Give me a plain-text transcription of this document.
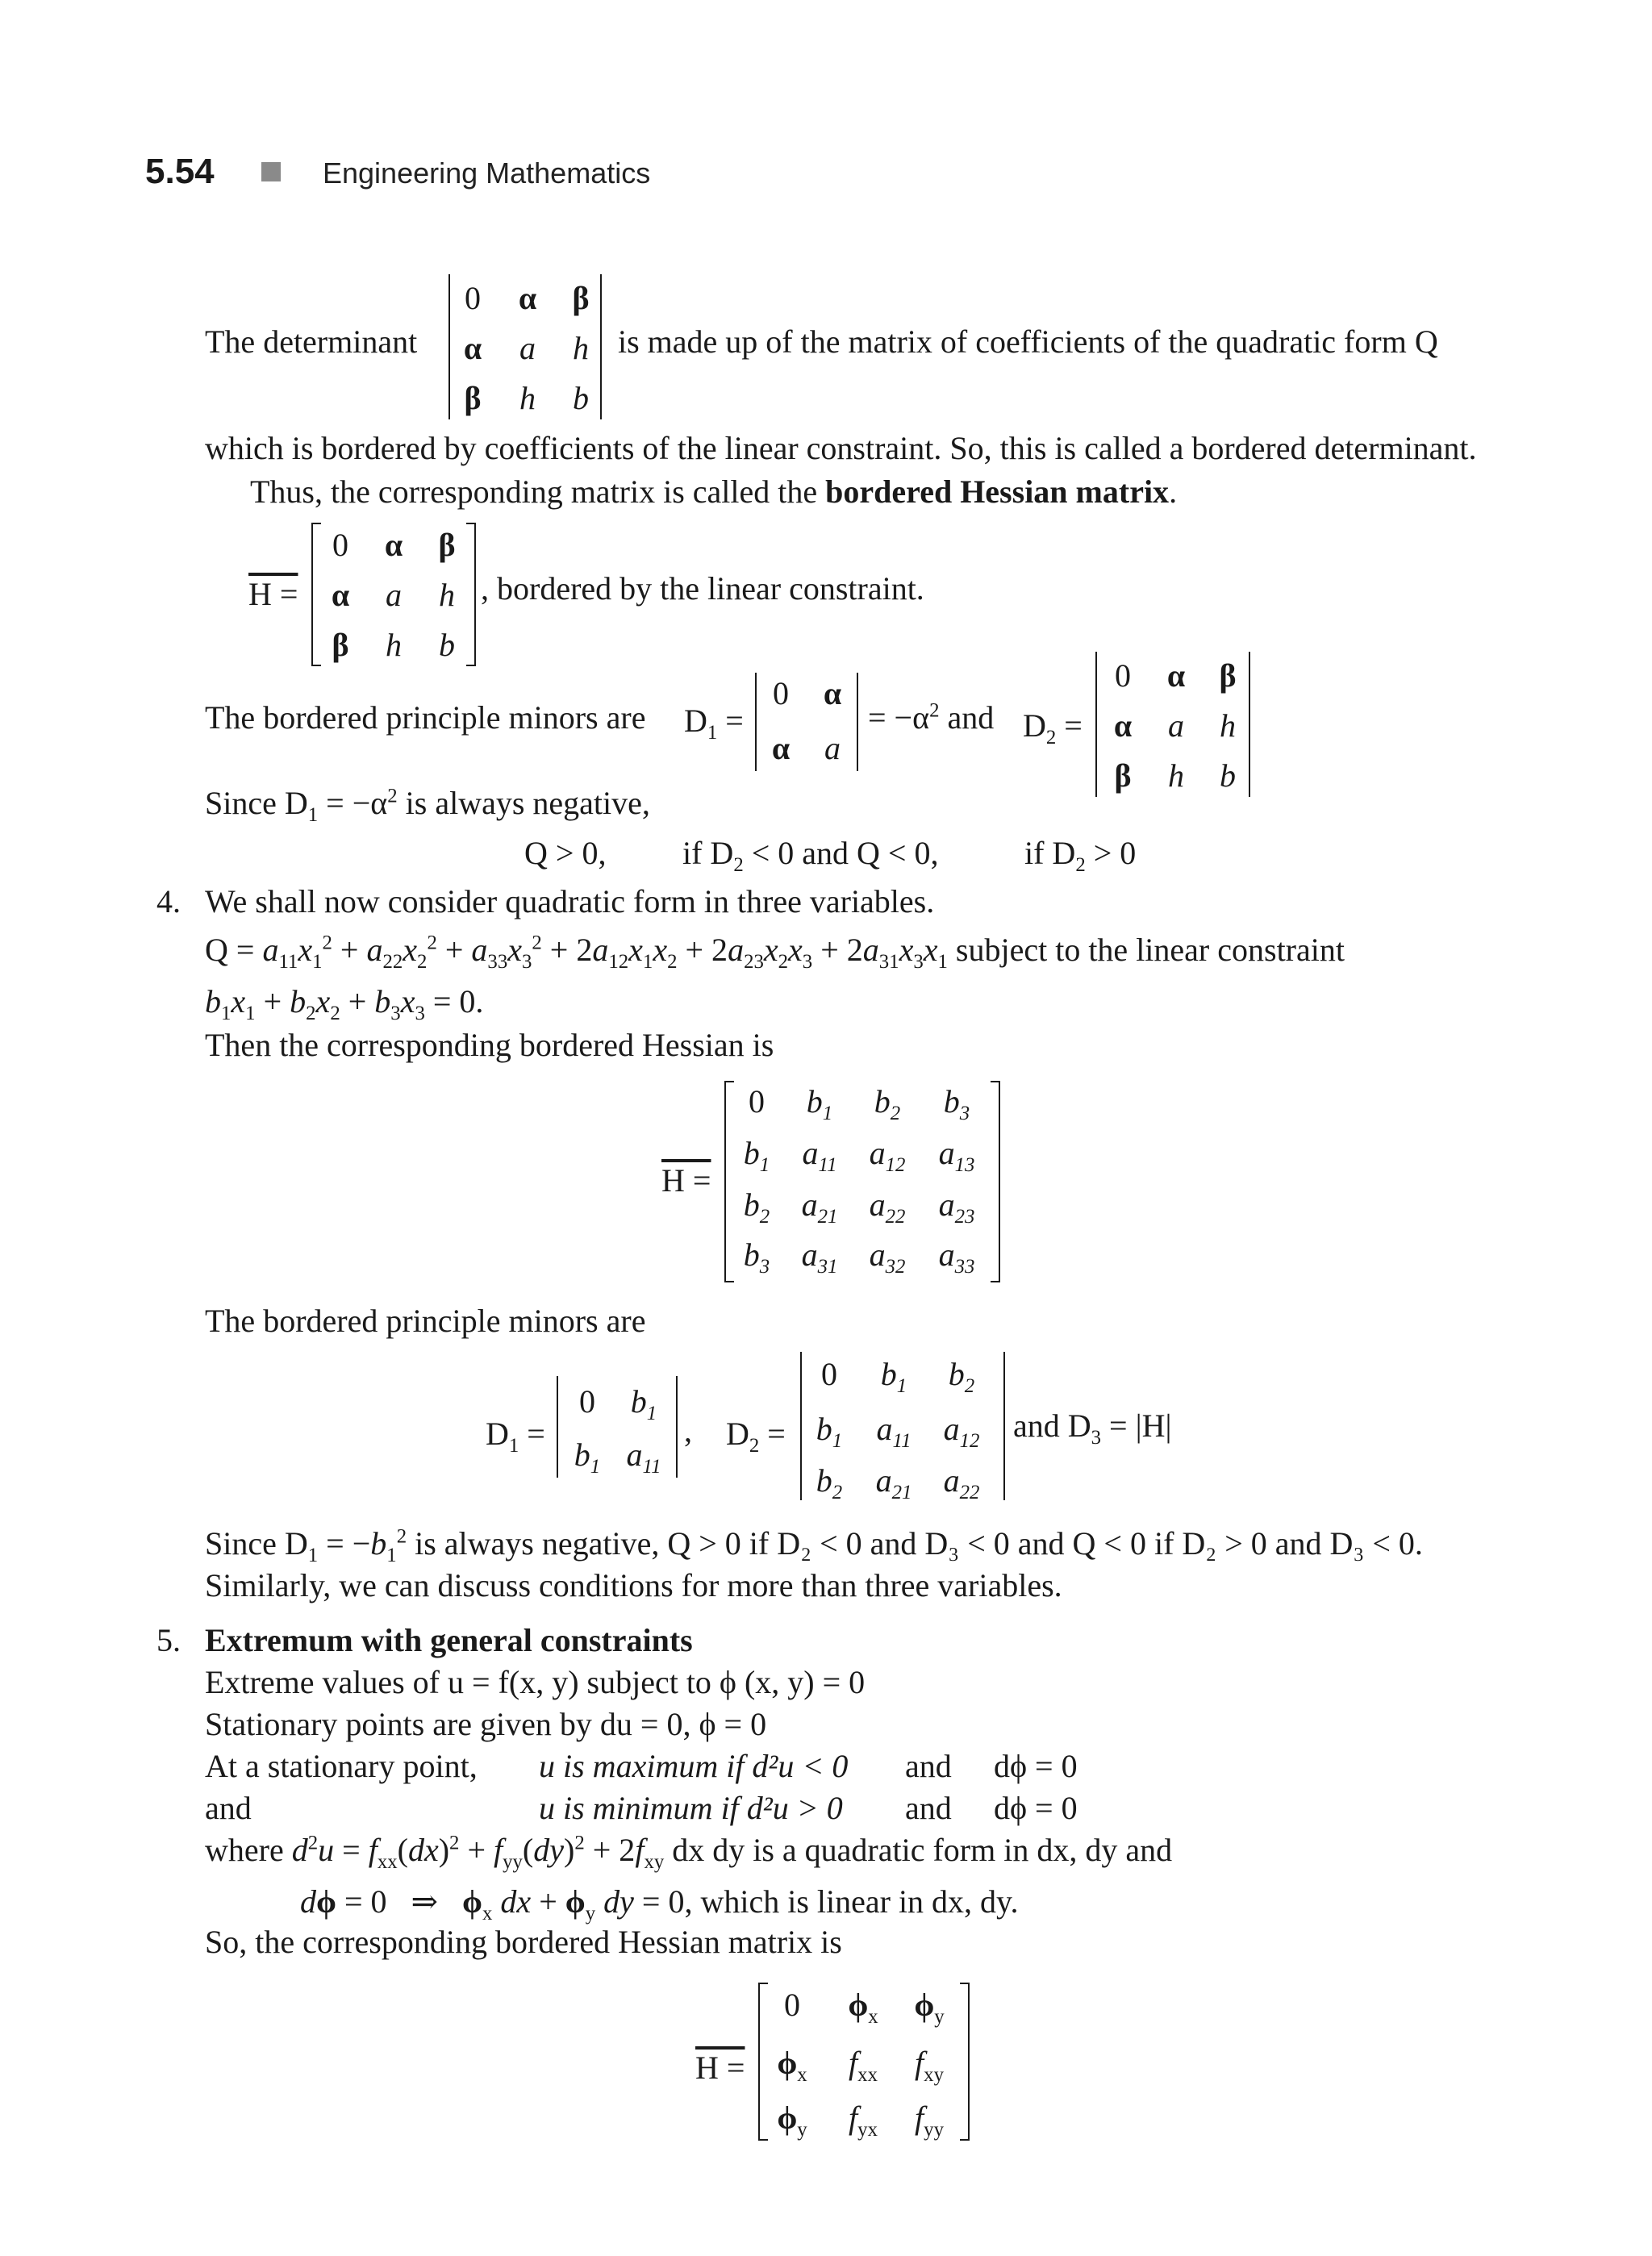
5.54	Engineering Mathematics
The determinant
0 α β
α a h
β h b
is made up of the matrix of coefficients of the quadratic form Q
which is bordered by coefficients of the linear constraint. So, this is called a bordered determinant.
Thus, the corresponding matrix is called the bordered Hessian matrix.
H =
0 α β
α a h
β h b
, bordered by the linear constraint.
The bordered principle minors are $D_1$ =
0 α
α a
= $-\alpha^2$ and $D_2$ =
0 α β
α a h
β h b
Since $D_1 = -\alpha^2$ is always negative,
Q > 0, if $D_2 < 0$ and Q < 0,	if $D_2 > 0$
4. We shall now consider quadratic form in three variables.
$Q = a_{11}x_1^2 + a_{22}x_2^2 + a_{33}x_3^2 + 2a_{12}x_1x_2 + 2a_{23}x_2x_3 + 2a_{31}x_3x_1$ subject to the linear constraint
$b_1x_1 + b_2x_2 + b_3x_3 = 0$.
Then the corresponding bordered Hessian is
H =
0 $b_1$ $b_2$ $b_3$
$b_1$ $a_{11}$ $a_{12}$ $a_{13}$
$b_2$ $a_{21}$ $a_{22}$ $a_{23}$
$b_3$ $a_{31}$ $a_{32}$ $a_{33}$
The bordered principle minors are
$D_1$ =
0 $b_1$
$b_1$ $a_{11}$
, $D_2$ =
0 $b_1$ $b_2$
$b_1$ $a_{11}$ $a_{12}$
$b_2$ $a_{21}$ $a_{22}$
and $D_3 = |H|$
Since $D_1 = -b_1^2$ is always negative, Q > 0 if D₂ < 0 and D₃ < 0 and Q < 0 if D₂ > 0 and D₃ < 0.
Similarly, we can discuss conditions for more than three variables.
5. Extremum with general constraints
Extreme values of u = f(x, y) subject to ϕ (x, y) = 0
Stationary points are given by du = 0, ϕ = 0
At a stationary point, u is maximum if d²u < 0 and dϕ = 0
and	u is minimum if d²u > 0 and dϕ = 0
where $d^2u = f_{xx}(dx)^2 + f_{yy}(dy)^2 + 2f_{xy}$ dx dy is a quadratic form in dx, dy and
dϕ = 0   ⇒   $\phi_x$ dx + $\phi_y$ dy = 0, which is linear in dx, dy.
So, the corresponding bordered Hessian matrix is
H =
0 $\phi_x$ $\phi_y$
$\phi_x$ $f_{xx}$ $f_{xy}$
$\phi_y$ $f_{yx}$ $f_{yy}$
